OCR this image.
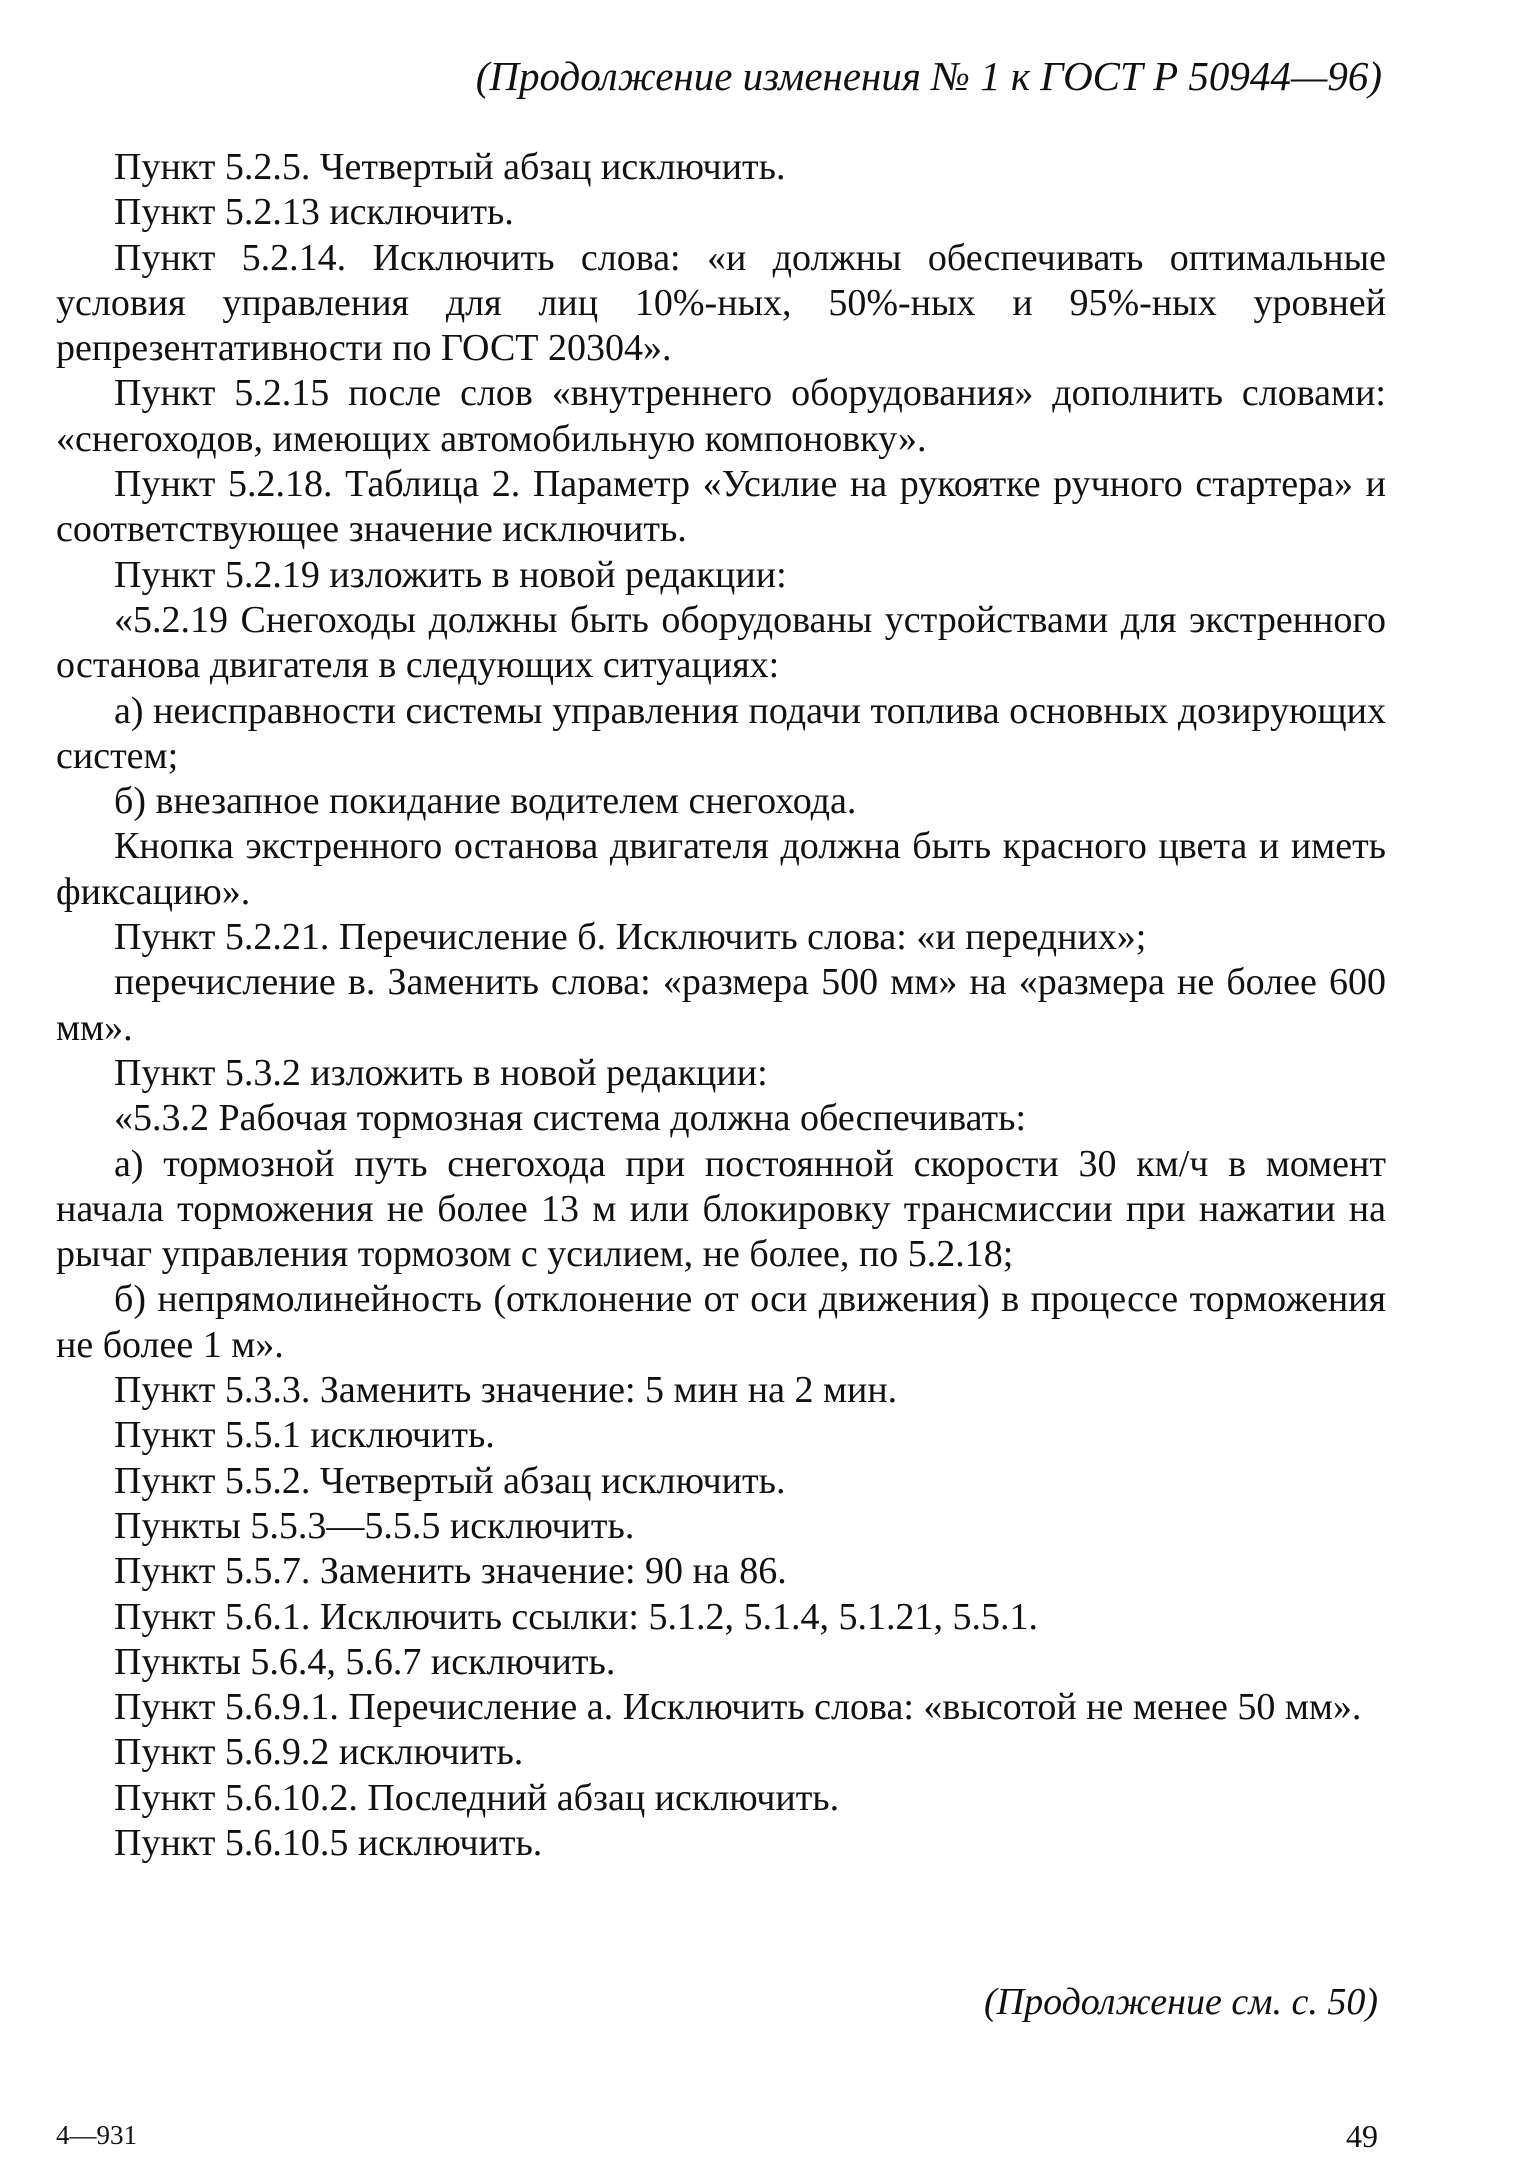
(Продолжение изменения № 1 к ГОСТ Р 50944—96)

Пункт 5.2.5. Четвертый абзац исключить.

Пункт 5.2.13 исключить.

Пункт 5.2.14. Исключить слова: «и должны обеспечивать оптимальные условия управления для лиц 10%-ных, 50%-ных и 95%-ных уровней репрезентативности по ГОСТ 20304».

Пункт 5.2.15 после слов «внутреннего оборудования» дополнить словами: «снегоходов, имеющих автомобильную компоновку».

Пункт 5.2.18. Таблица 2. Параметр «Усилие на рукоятке ручного стартера» и соответствующее значение исключить.

Пункт 5.2.19 изложить в новой редакции:

«5.2.19 Снегоходы должны быть оборудованы устройствами для экстренного останова двигателя в следующих ситуациях:

а) неисправности системы управления подачи топлива основных дозирующих систем;

б) внезапное покидание водителем снегохода.

Кнопка экстренного останова двигателя должна быть красного цвета и иметь фиксацию».

Пункт 5.2.21. Перечисление б. Исключить слова: «и передних»;

перечисление в. Заменить слова: «размера 500 мм» на «размера не более 600 мм».

Пункт 5.3.2 изложить в новой редакции:

«5.3.2 Рабочая тормозная система должна обеспечивать:

а) тормозной путь снегохода при постоянной скорости 30 км/ч в момент начала торможения не более 13 м или блокировку трансмиссии при нажатии на рычаг управления тормозом с усилием, не более, по 5.2.18;

б) непрямолинейность (отклонение от оси движения) в процессе торможения не более 1 м».

Пункт 5.3.3. Заменить значение: 5 мин на 2 мин.

Пункт 5.5.1 исключить.

Пункт 5.5.2. Четвертый абзац исключить.

Пункты 5.5.3—5.5.5 исключить.

Пункт 5.5.7. Заменить значение: 90 на 86.

Пункт 5.6.1. Исключить ссылки: 5.1.2, 5.1.4, 5.1.21, 5.5.1.

Пункты 5.6.4, 5.6.7 исключить.

Пункт 5.6.9.1. Перечисление а. Исключить слова: «высотой не менее 50 мм».

Пункт 5.6.9.2 исключить.

Пункт 5.6.10.2. Последний абзац исключить.

Пункт 5.6.10.5 исключить.

(Продолжение см. с. 50)
4—931	49
